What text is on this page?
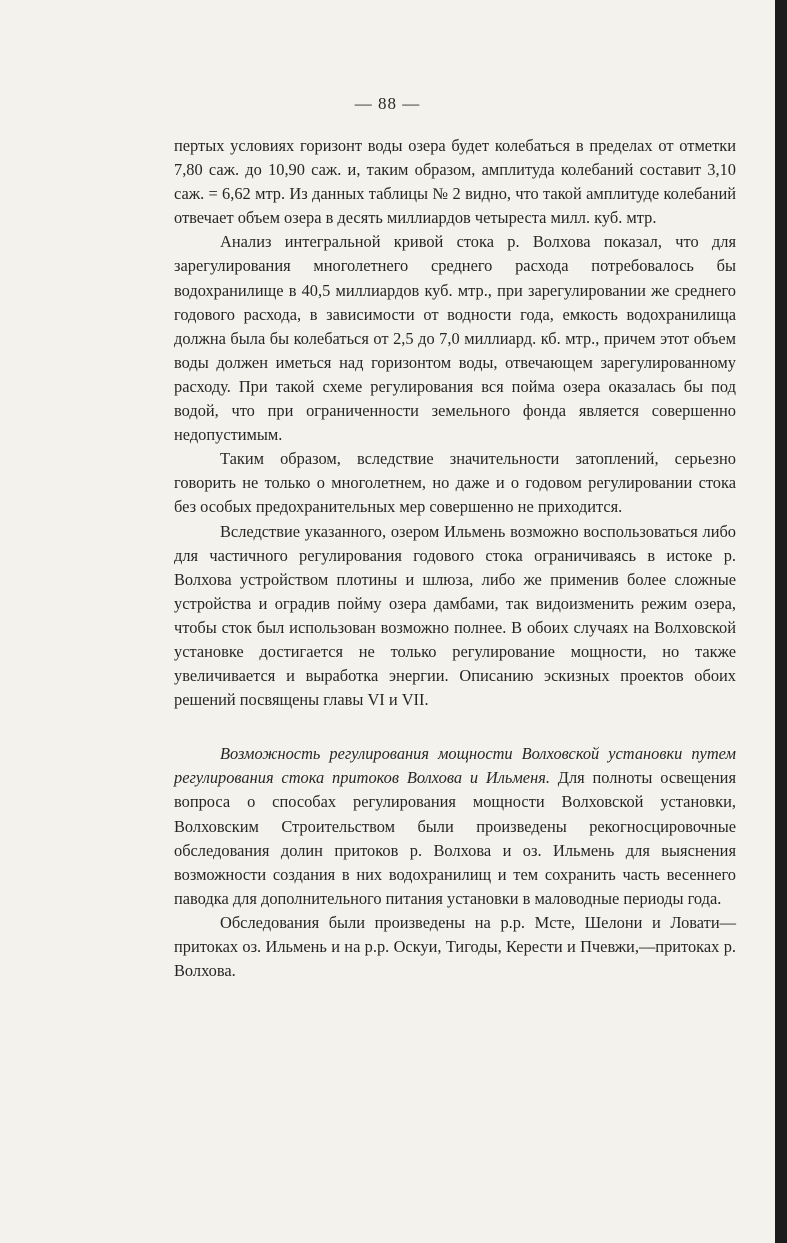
— 88 —

пертых условиях горизонт воды озера будет колебаться в пределах от отметки 7,80 саж. до 10,90 саж. и, таким образом, амплитуда колебаний составит 3,10 саж. = 6,62 мтр. Из данных таблицы № 2 видно, что такой амплитуде колебаний отвечает объем озера в десять миллиардов четыреста милл. куб. мтр.

Анализ интегральной кривой стока р. Волхова показал, что для зарегулирования многолетнего среднего расхода потребовалось бы водохранилище в 40,5 миллиардов куб. мтр., при зарегулировании же среднего годового расхода, в зависимости от водности года, емкость водохранилища должна была бы колебаться от 2,5 до 7,0 миллиард. кб. мтр., причем этот объем воды должен иметься над горизонтом воды, отвечающем зарегулированному расходу. При такой схеме регулирования вся пойма озера оказалась бы под водой, что при ограниченности земельного фонда является совершенно недопустимым.

Таким образом, вследствие значительности затоплений, серьезно говорить не только о многолетнем, но даже и о годовом регулировании стока без особых предохранительных мер совершенно не приходится.

Вследствие указанного, озером Ильмень возможно воспользоваться либо для частичного регулирования годового стока ограничиваясь в истоке р. Волхова устройством плотины и шлюза, либо же применив более сложные устройства и оградив пойму озера дамбами, так видоизменить режим озера, чтобы сток был использован возможно полнее. В обоих случаях на Волховской установке достигается не только регулирование мощности, но также увеличивается и выработка энергии. Описанию эскизных проектов обоих решений посвящены главы VI и VII.

Возможность регулирования мощности Волховской установки путем регулирования стока притоков Волхова и Ильменя. Для полноты освещения вопроса о способах регулирования мощности Волховской установки, Волховским Строительством были произведены рекогносцировочные обследования долин притоков р. Волхова и оз. Ильмень для выяснения возможности создания в них водохранилищ и тем сохранить часть весеннего паводка для дополнительного питания установки в маловодные периоды года.

Обследования были произведены на р.р. Мсте, Шелони и Ловати—притоках оз. Ильмень и на р.р. Оскуи, Тигоды, Керести и Пчевжи,—притоках р. Волхова.
